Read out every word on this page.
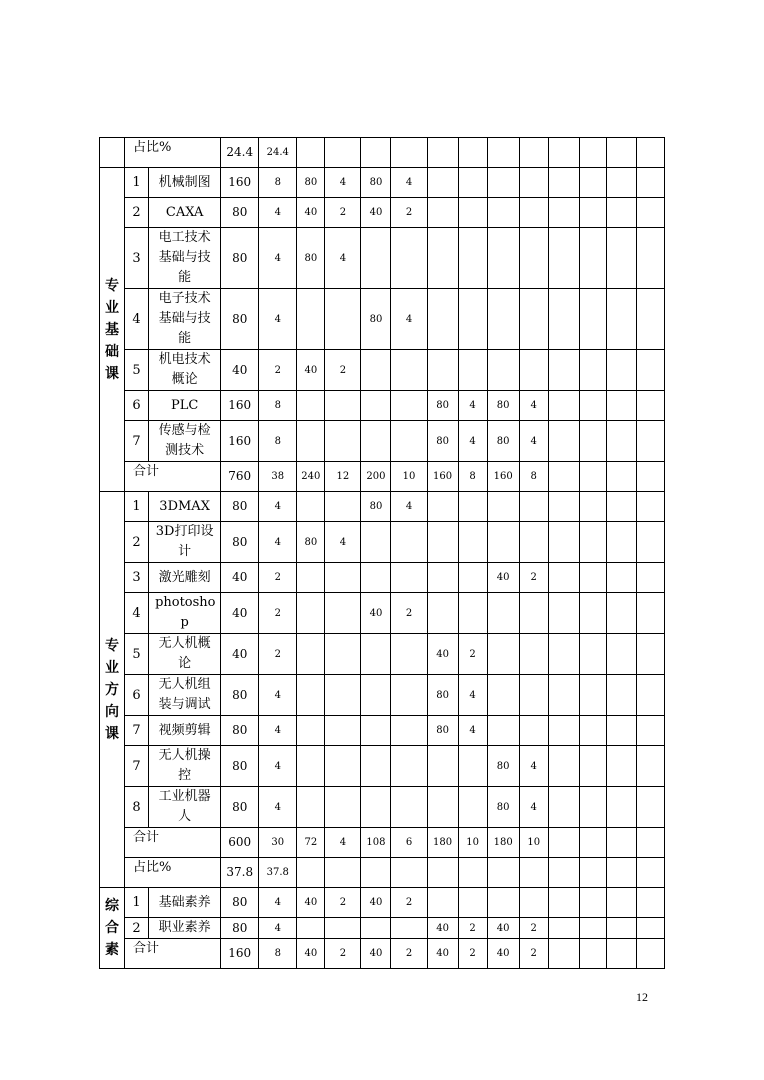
	占比%		24.4	24.4												
专
业
基
础
课	1	机械制图	160	8	80	4	80	4								
	2	CAXA	80	4	40	2	40	2								
	3	电工技术
基础与技
能	80	4	80	4										
	4	电子技术
基础与技
能	80	4			80	4								
	5	机电技术
概论	40	2	40	2										
	6	PLC	160	8					80	4	80	4				
	7	传感与检
测技术	160	8					80	4	80	4				
	合计		760	38	240	12	200	10	160	8	160	8				
专
业
方
向
课	1	3DMAX	80	4			80	4								
	2	3D打印设
计	80	4	80	4										
	3	激光雕刻	40	2							40	2				
	4	photosho
p	40	2			40	2								
	5	无人机概
论	40	2					40	2						
	6	无人机组
装与调试	80	4					80	4						
	7	视频剪辑	80	4					80	4						
	7	无人机操
控	80	4							80	4				
	8	工业机器
人	80	4							80	4				
	合计		600	30	72	4	108	6	180	10	180	10				
	占比%		37.8	37.8												
综
合
素	1	基础素养	80	4	40	2	40	2								
	2	职业素养	80	4					40	2	40	2				
	合计		160	8	40	2	40	2	40	2	40	2				
12
